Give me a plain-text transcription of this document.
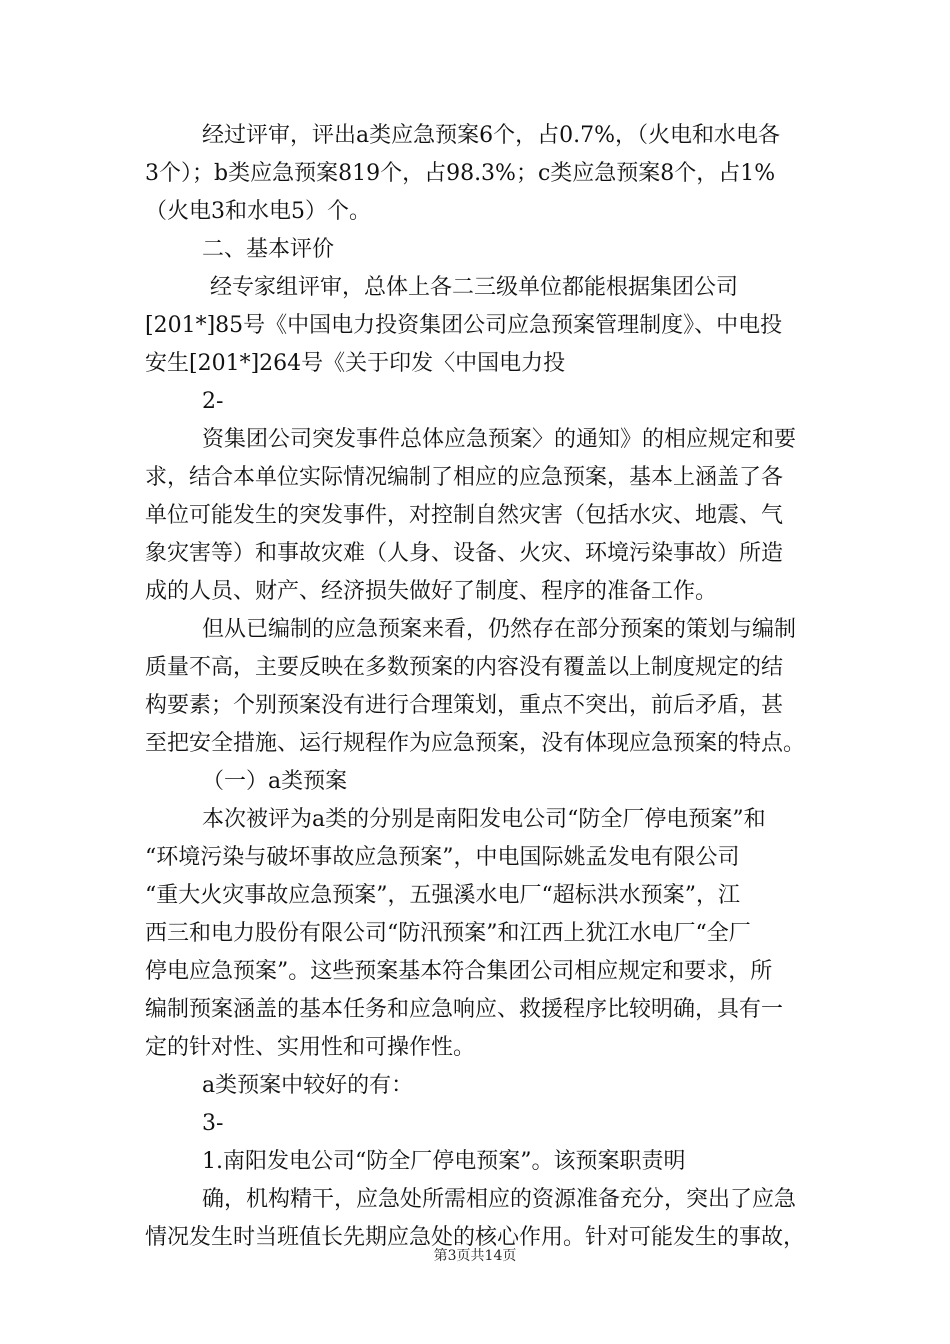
经过评审，评出a类应急预案6个，占0.7%，（火电和水电各
3个）；b类应急预案819个，占98.3%；c类应急预案8个，占1%
（火电3和水电5）个。
二、基本评价
经专家组评审，总体上各二三级单位都能根据集团公司
[201*]85号《中国电力投资集团公司应急预案管理制度》、中电投
安生[201*]264号《关于印发〈中国电力投
2-
资集团公司突发事件总体应急预案〉的通知》的相应规定和要
求，结合本单位实际情况编制了相应的应急预案，基本上涵盖了各
单位可能发生的突发事件，对控制自然灾害（包括水灾、地震、气
象灾害等）和事故灾难（人身、设备、火灾、环境污染事故）所造
成的人员、财产、经济损失做好了制度、程序的准备工作。
但从已编制的应急预案来看，仍然存在部分预案的策划与编制
质量不高，主要反映在多数预案的内容没有覆盖以上制度规定的结
构要素；个别预案没有进行合理策划，重点不突出，前后矛盾，甚
至把安全措施、运行规程作为应急预案，没有体现应急预案的特点。
（一）a类预案
本次被评为a类的分别是南阳发电公司“防全厂停电预案”和
“环境污染与破坏事故应急预案”，中电国际姚孟发电有限公司
“重大火灾事故应急预案”，五强溪水电厂“超标洪水预案”，江
西三和电力股份有限公司“防汛预案”和江西上犹江水电厂“全厂
停电应急预案”。这些预案基本符合集团公司相应规定和要求，所
编制预案涵盖的基本任务和应急响应、救援程序比较明确，具有一
定的针对性、实用性和可操作性。
a类预案中较好的有：
3-
1.南阳发电公司“防全厂停电预案”。该预案职责明
确，机构精干，应急处所需相应的资源准备充分，突出了应急
情况发生时当班值长先期应急处的核心作用。针对可能发生的事故，
第3页共14页
